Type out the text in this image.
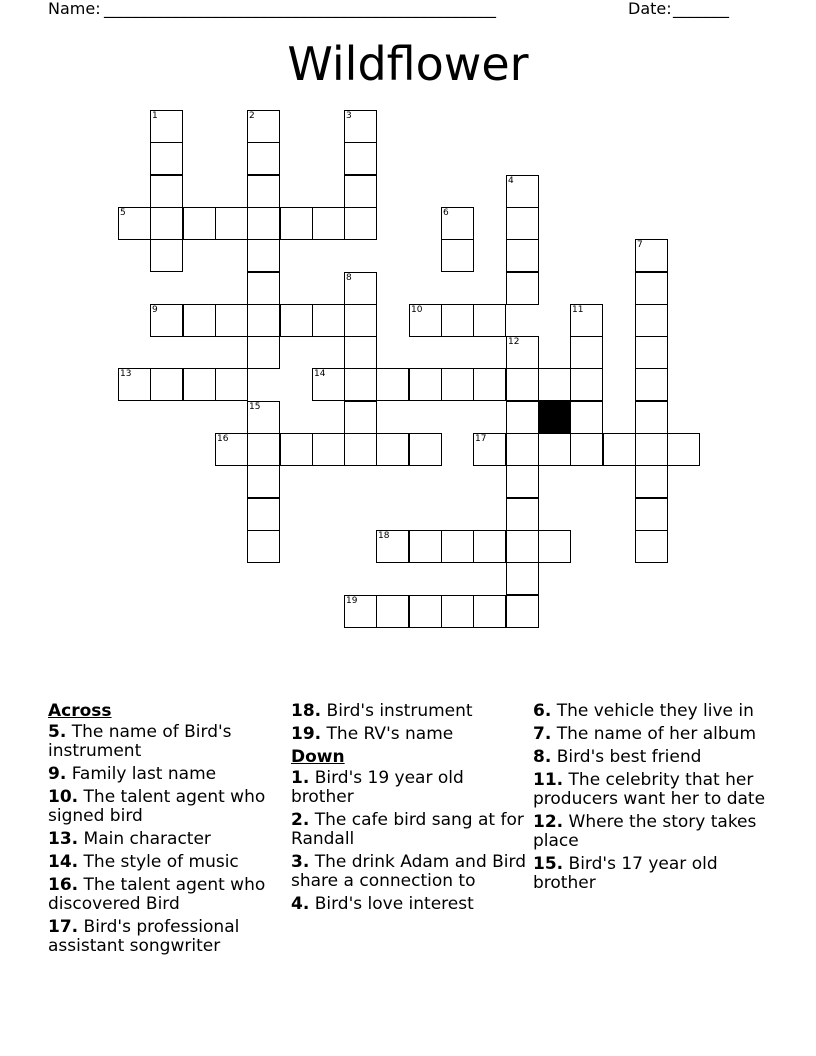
Name: _________________________________________________	Date: _______
Wildflower
1	2	3
4
5	6
7
8
9	10	11
12
13	14
15
16	17
18
19
Across
5. The name of Bird's instrument
9. Family last name
10. The talent agent who signed bird
13. Main character
14. The style of music
16. The talent agent who discovered Bird
17. Bird's professional assistant songwriter
18. Bird's instrument
19. The RV's name
Down
1. Bird's 19 year old brother
2. The cafe bird sang at for Randall
3. The drink Adam and Bird share a connection to
4. Bird's love interest
6. The vehicle they live in
7. The name of her album
8. Bird's best friend
11. The celebrity that her producers want her to date
12. Where the story takes place
15. Bird's 17 year old brother
